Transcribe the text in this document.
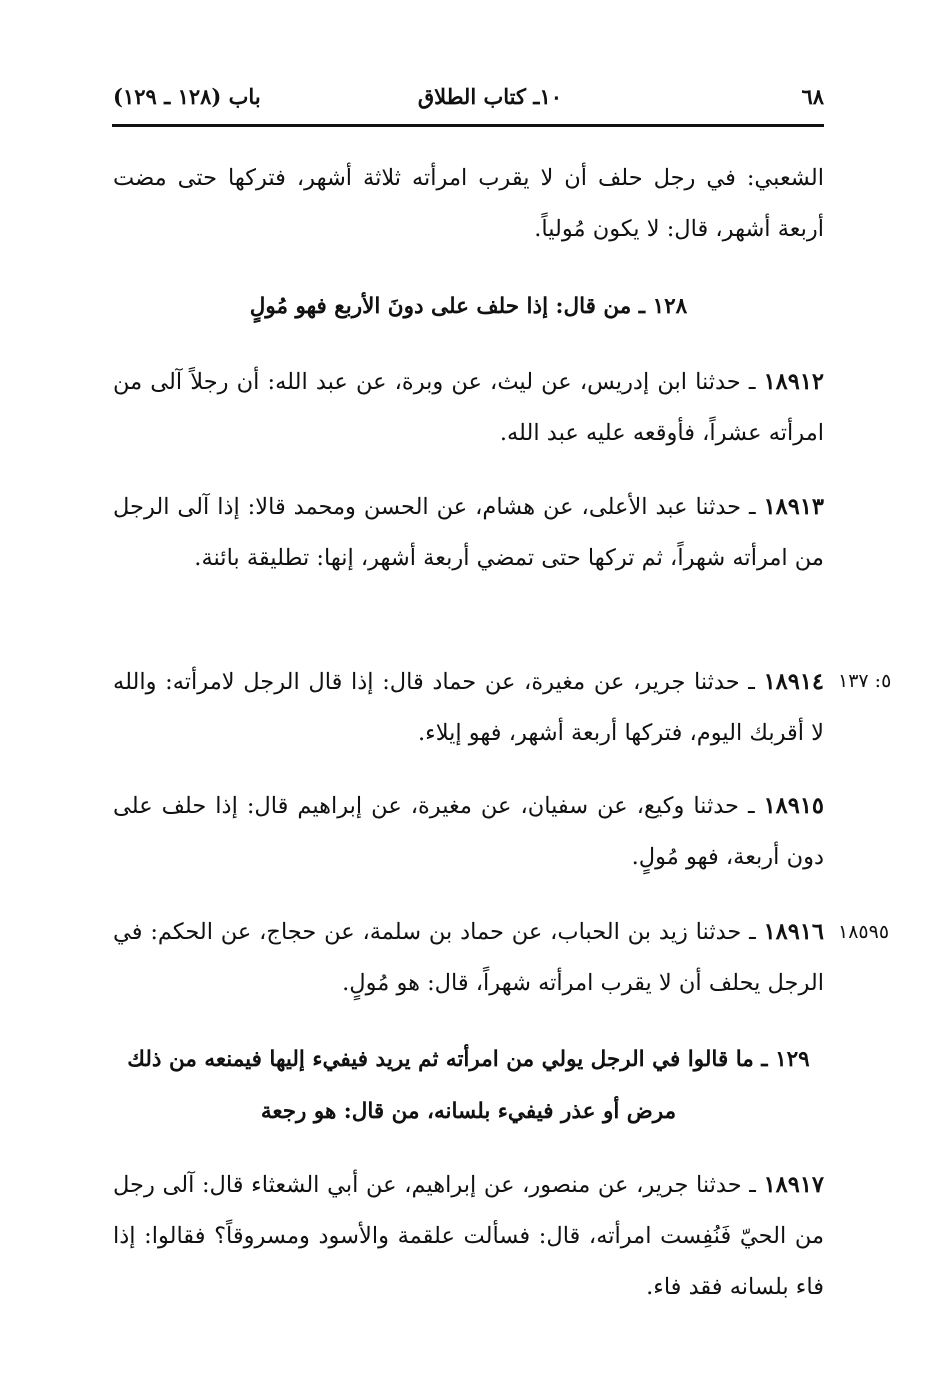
٦٨
١٠ـ كتاب الطلاق
باب (١٢٨ ـ ١٢٩)

الشعبي: في رجل حلف أن لا يقرب امرأته ثلاثة أشهر، فتركها حتى مضت أربعة أشهر، قال: لا يكون مُولياً.

١٢٨ ـ من قال: إذا حلف على دونَ الأربع فهو مُولٍ

١٨٩١٢ ـ حدثنا ابن إدريس، عن ليث، عن وبرة، عن عبد الله: أن رجلاً آلى من امرأته عشراً، فأوقعه عليه عبد الله.

١٨٩١٣ ـ حدثنا عبد الأعلى، عن هشام، عن الحسن ومحمد قالا: إذا آلى الرجل من امرأته شهراً، ثم تركها حتى تمضي أربعة أشهر، إنها: تطليقة بائنة.

١٨٩١٤ ـ حدثنا جرير، عن مغيرة، عن حماد قال: إذا قال الرجل لامرأته: والله لا أقربك اليوم، فتركها أربعة أشهر، فهو إيلاء.

٥: ١٣٧

١٨٩١٥ ـ حدثنا وكيع، عن سفيان، عن مغيرة، عن إبراهيم قال: إذا حلف على دون أربعة، فهو مُولٍ.

١٨٩١٦ ـ حدثنا زيد بن الحباب، عن حماد بن سلمة، عن حجاج، عن الحكم: في الرجل يحلف أن لا يقرب امرأته شهراً، قال: هو مُولٍ.

١٨٥٩٥

١٢٩ ـ ما قالوا في الرجل يولي من امرأته ثم يريد فيفيء إليها فيمنعه من ذلك مرض أو عذر فيفيء بلسانه، من قال: هو رجعة

١٨٩١٧ ـ حدثنا جرير، عن منصور، عن إبراهيم، عن أبي الشعثاء قال: آلى رجل من الحيّ فَنُفِست امرأته، قال: فسألت علقمة والأسود ومسروقاً؟ فقالوا: إذا فاء بلسانه فقد فاء.
